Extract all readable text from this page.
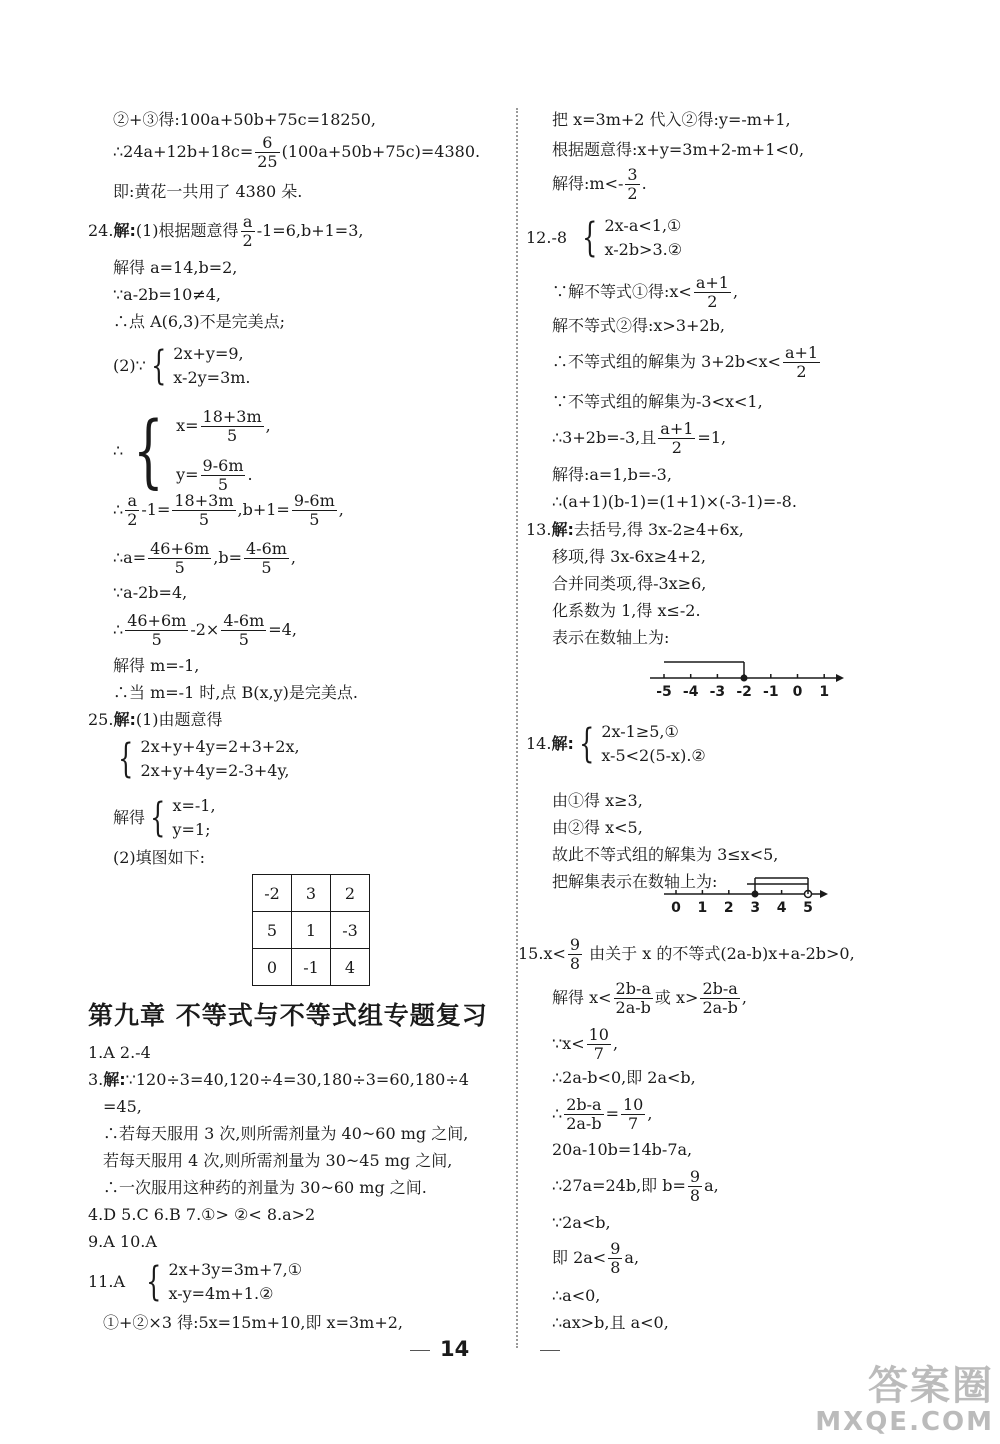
②+③得:100a+50b+75c=18250,
∴24a+12b+18c= $\frac{6}{25} (100a+50b+75c)=4380$.
即:黄花一共用了 4380 朵.
24.解:(1)根据题意得 $\frac{a}{2} -1=6,b+1=3$,
解得 a=14,b=2,
∵a-2b=10≠4,
∴点 A(6,3)不是完美点;
(2)∵ { 2x+y=9,
x-2y=3m.
∴ { $x= \frac{18+3m}{5}$ ,
$y= \frac{9-6m}{5}$ .
∴ $\frac{a}{2} -1= \frac{18+3m}{5} ,b+1= \frac{9-6m}{5}$ ,
∴a= $\frac{46+6m}{5} ,b= \frac{4-6m}{5}$ ,
∵a-2b=4,
∴ $\frac{46+6m}{5} -2\times \frac{4-6m}{5} =4$,
解得 m=-1,
∴当 m=-1 时,点 B(x,y)是完美点.
25.解:(1)由题意得
{ 2x+y+4y=2+3+2x,
2x+y+4y=2-3+4y,
解得 { x=-1,
y=1;
(2)填图如下:
-2	3	2
5	1	-3
0	-1	4
第九章 不等式与不等式组专题复习
1.A 2.-4
3.解:∵120÷3=40,120÷4=30,180÷3=60,180÷4
=45,
∴若每天服用 3 次,则所需剂量为 40~60 mg 之间,
若每天服用 4 次,则所需剂量为 30~45 mg 之间,
∴一次服用这种药的剂量为 30~60 mg 之间.
4.D 5.C 6.B 7.①> ②< 8.a>2
9.A 10.A
11.A { 2x+3y=3m+7,①
x-y=4m+1.②
①+②×3 得:5x=15m+10,即 x=3m+2,
把 x=3m+2 代入②得:y=-m+1,
根据题意得:x+y=3m+2-m+1<0,
解得:m<- $\frac{3}{2}$ .
12.-8 { 2x-a<1,①
x-2b>3.②
∵解不等式①得:x< $\frac{a+1}{2}$ ,
解不等式②得:x>3+2b,
∴不等式组的解集为 $3+2b<x< \frac{a+1}{2}$
∵不等式组的解集为-3<x<1,
∴3+2b=-3,且 $\frac{a+1}{2} =1$,
解得:a=1,b=-3,
∴(a+1)(b-1)=(1+1)×(-3-1)=-8.
13.解:去括号,得 3x-2≥4+6x,
移项,得 3x-6x≥4+2,
合并同类项,得-3x≥6,
化系数为 1,得 x≤-2.
表示在数轴上为:
-5 -4 -3 -2 -1 0 1
14.解: { 2x-1≥5,①
x-5<2(5-x).②
由①得 x≥3,
由②得 x<5,
故此不等式组的解集为 3≤x<5,
把解集表示在数轴上为:
0 1 2 3 4 5
$15.x< \frac{9}{8}$ 由关于 x 的不等式(2a-b)x+a-2b>0,
解得 $x< \frac{2b-a}{2a-b}$ 或 $x> \frac{2b-a}{2a-b}$ ,
∵x< $\frac{10}{7}$ ,
∴2a-b<0,即 2a<b,
∴ $\frac{2b-a}{2a-b} = \frac{10}{7}$ ,
20a-10b=14b-7a,
∴27a=24b,即 $b= \frac{9}{8} a$,
∵2a<b,
即 $2a< \frac{9}{8} a$,
∴a<0,
∴ax>b,且 a<0,
14
答案圈
MXQE.COM
